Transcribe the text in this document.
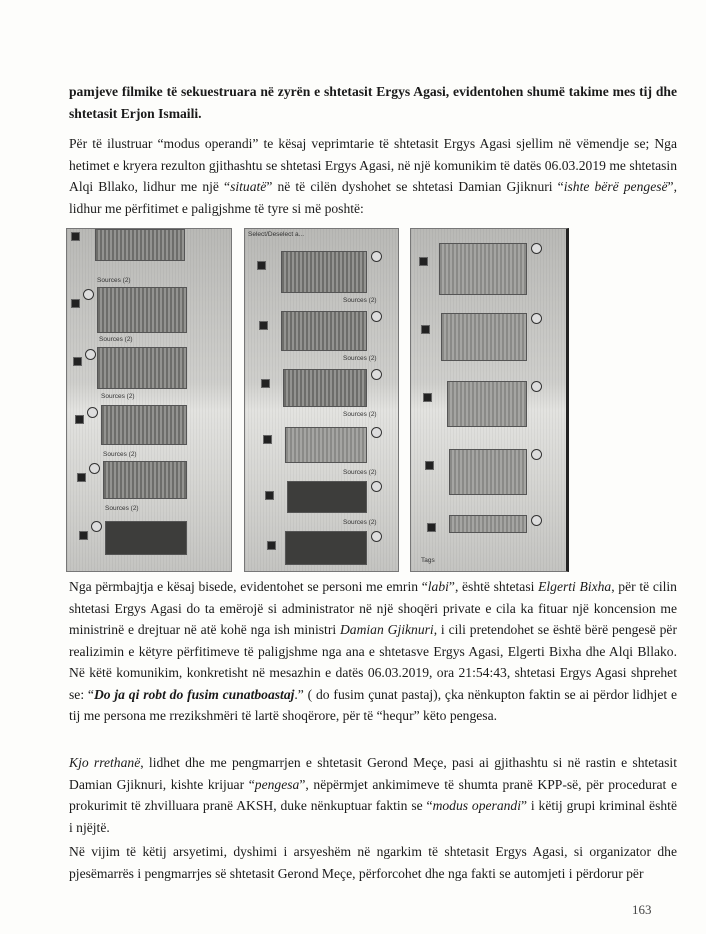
pamjeve filmike të sekuestruara në zyrën e shtetasit Ergys Agasi, evidentohen shumë takime mes tij dhe shtetasit Erjon Ismaili.
Për të ilustruar “modus operandi” te kësaj veprimtarie të shtetasit Ergys Agasi sjellim në vëmendje se; Nga hetimet e kryera rezulton gjithashtu se shtetasi Ergys Agasi, në një komunikim të datës 06.03.2019 me shtetasin Alqi Bllako, lidhur me një “situatë” në të cilën dyshohet se shtetasi Damian Gjiknuri “ishte bërë pengesë”, lidhur me përfitimet e paligjshme të tyre si më poshtë:
Sources (2)
Sources (2)
Sources (2)
Sources (2)
Sources (2)
Select/Deselect a...
Sources (2)
Sources (2)
Sources (2)
Sources (2)
Sources (2)
Tags
Nga përmbajtja e kësaj bisede, evidentohet se personi me emrin “labi”, është shtetasi Elgerti Bixha, për të cilin shtetasi Ergys Agasi do ta emërojë si administrator në një shoqëri private e cila ka fituar një koncension me ministrinë e drejtuar në atë kohë nga ish ministri Damian Gjiknuri, i cili pretendohet se është bërë pengesë për realizimin e këtyre përfitimeve të paligjshme nga ana e shtetasve Ergys Agasi, Elgerti Bixha dhe Alqi Bllako. Në këtë komunikim, konkretisht në mesazhin e datës 06.03.2019, ora 21:54:43, shtetasi Ergys Agasi shprehet se: “Do ja qi robt do fusim cunatboastaj.” ( do fusim çunat pastaj), çka nënkupton faktin se ai përdor lidhjet e tij me persona me rrezikshmëri të lartë shoqërore, për të “hequr” këto pengesa.
Kjo rrethanë, lidhet dhe me pengmarrjen e shtetasit Gerond Meçe, pasi ai gjithashtu si në rastin e shtetasit Damian Gjiknuri, kishte krijuar “pengesa”, nëpërmjet ankimimeve të shumta pranë KPP-së, për procedurat e prokurimit të zhvilluara pranë AKSH, duke nënkuptuar faktin se “modus operandi” i këtij grupi kriminal është i njëjtë.
Në vijim të këtij arsyetimi, dyshimi i arsyeshëm në ngarkim të shtetasit Ergys Agasi, si organizator dhe pjesëmarrës i pengmarrjes së shtetasit Gerond Meçe, përforcohet dhe nga fakti se automjeti i përdorur për
163
